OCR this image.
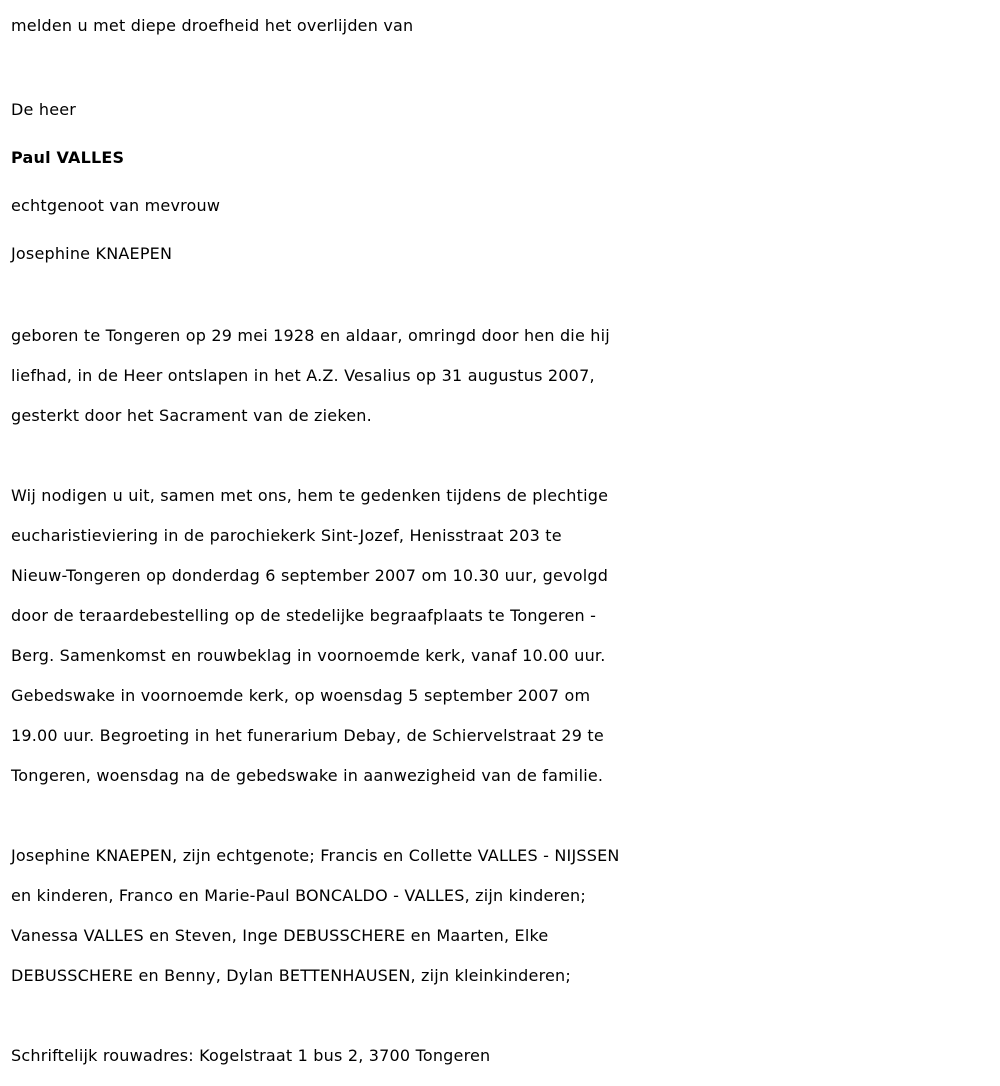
melden u met diepe droefheid het overlijden van
De heer
Paul VALLES
echtgenoot van mevrouw
Josephine KNAEPEN

geboren te Tongeren op 29 mei 1928 en aldaar, omringd door hen die hij
liefhad, in de Heer ontslapen in het A.Z. Vesalius op 31 augustus 2007,
gesterkt door het Sacrament van de zieken.

Wij nodigen u uit, samen met ons, hem te gedenken tijdens de plechtige
eucharistieviering in de parochiekerk Sint-Jozef, Henisstraat 203 te
Nieuw-Tongeren op donderdag 6 september 2007 om 10.30 uur, gevolgd
door de teraardebestelling op de stedelijke begraafplaats te Tongeren -
Berg. Samenkomst en rouwbeklag in voornoemde kerk, vanaf 10.00 uur.
Gebedswake in voornoemde kerk, op woensdag 5 september 2007 om
19.00 uur. Begroeting in het funerarium Debay, de Schiervelstraat 29 te
Tongeren, woensdag na de gebedswake in aanwezigheid van de familie.

Josephine KNAEPEN, zijn echtgenote; Francis en Collette VALLES - NIJSSEN
en kinderen, Franco en Marie-Paul BONCALDO - VALLES, zijn kinderen;
Vanessa VALLES en Steven, Inge DEBUSSCHERE en Maarten, Elke
DEBUSSCHERE en Benny, Dylan BETTENHAUSEN, zijn kleinkinderen;

Schriftelijk rouwadres: Kogelstraat 1 bus 2, 3700 Tongeren
